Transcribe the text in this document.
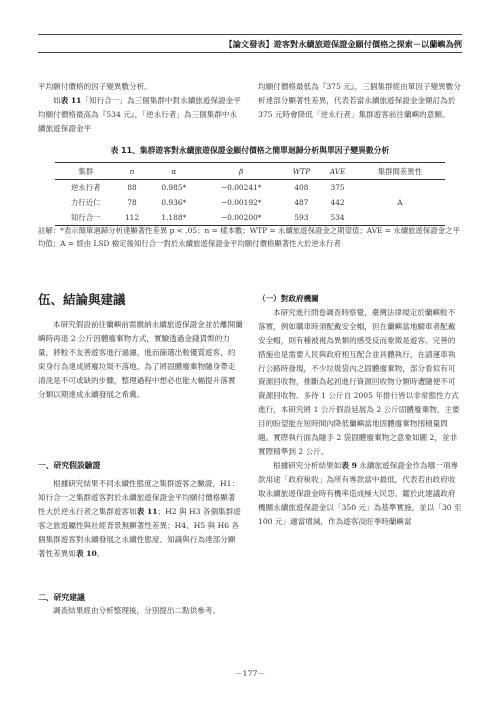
【論文發表】遊客對永續旅遊保證金願付價格之探索－以蘭嶼為例

平均願付價格的因子變異數分析。

如表 11「知行合一」為三個集群中對永續旅遊保證金平均願付價格最高為『534 元』，「逆永行者」為三個集群中永續旅遊保證金平

均願付價格最低為『375 元』，三個集群經由單因子變異數分析達部分顯著性差異，代表若當永續旅遊保證金金額訂為於 375 元時會降低「逆永行者」集群遊客前往蘭嶼的意願。

表 11、集群遊客對永續旅遊保證金願付價格之簡單迴歸分析與單因子變異數分析
集群	n	α	β	WTP	AVE	集群間差異性
逆永行者	88	0.985*	−0.00241*	408	375	
力行近仁	78	0.936*	−0.00192*	487	442	A
知行合一	112	1.188*	−0.00200*	593	534	
註解：*表示簡單迴歸分析達顯著性差異 p < .05；n = 樣本數；WTP = 永續旅遊保證金之期望值；AVE = 永續旅遊保證金之平均值；A = 經由 LSD 檢定後知行合一對於永續旅遊保證金平均願付價格顯著性大於逆永行者
伍、結論與建議

本研究假設前往蘭嶼前需繳納永續旅遊保證金並於離開蘭嶼時再退 2 公斤因體廢棄物方式，實驗透過金錢貨幣的力量，將較不友善遊客進行過濾，進而篩選出較優質遊客，約束身行為達成將廢垃圾不落地。為了將固體廢棄物隨身帶走清洗是不可或缺的步驟，整理過程中想必也能大幅提升落實分類以期達成永續發展之希冀。

一、研究假設驗證

根據研究結果不同永續性態度之集群遊客之驗證，H1：知行合一之集群遊客對於永續旅遊保證金平均願付價格顯著性大於逆永行者之集群遊客如表 11；H2 與 H3 各個集群遊客之旅遊屬性與社經背景無顯著性差異；H4、H5 與 H6 各個集群遊客對永續發展之永續性態度、知識與行為達部分顯著性差異如表 10。

二、研究建議

調查結果經由分析整理後，分別提出二點供參考。

（一）對政府機關

本研究進行問卷調查時察覺，臺灣法律規定於蘭嶼較不落實，例如購車時須配戴安全帽，但在蘭嶼當地騎車者配戴安全帽，則有種被視為異類的感受反而象徵是遊客。完善的措施也是需要人民與政府相互配合並具體執行，在請運車執行公路時發現，不少垃圾袋內之固體廢棄物，部分看似有可資源回收物，推斷為起初進行資源回收物分類時遭隨便不可資源回收物。多待 1 公斤自 2005 年推行皆以非常態性方式進行，本研究將 1 公斤假設延展為 2 公斤固體廢棄物，主要目的盼望能在短時間內降低蘭嶼當地固體廢棄物囤積量問題。實際執行面為隨手 2 袋固體廢棄物之意象如圖 2，並非實際精準到 2 公斤。

根據研究分析結果如表 9 永續旅遊保證金作為哪一項專款用途「政府稅收」為所有專款當中最低，代表若由政府收取永續旅遊保證金時有機率造成極大民怨。鑑於此建議政府機關永續旅遊保證金以「350 元」為基準實施，並以「30 至 100 元」適當增減，作為遊客淡旺季時蘭嶼當

－177－
